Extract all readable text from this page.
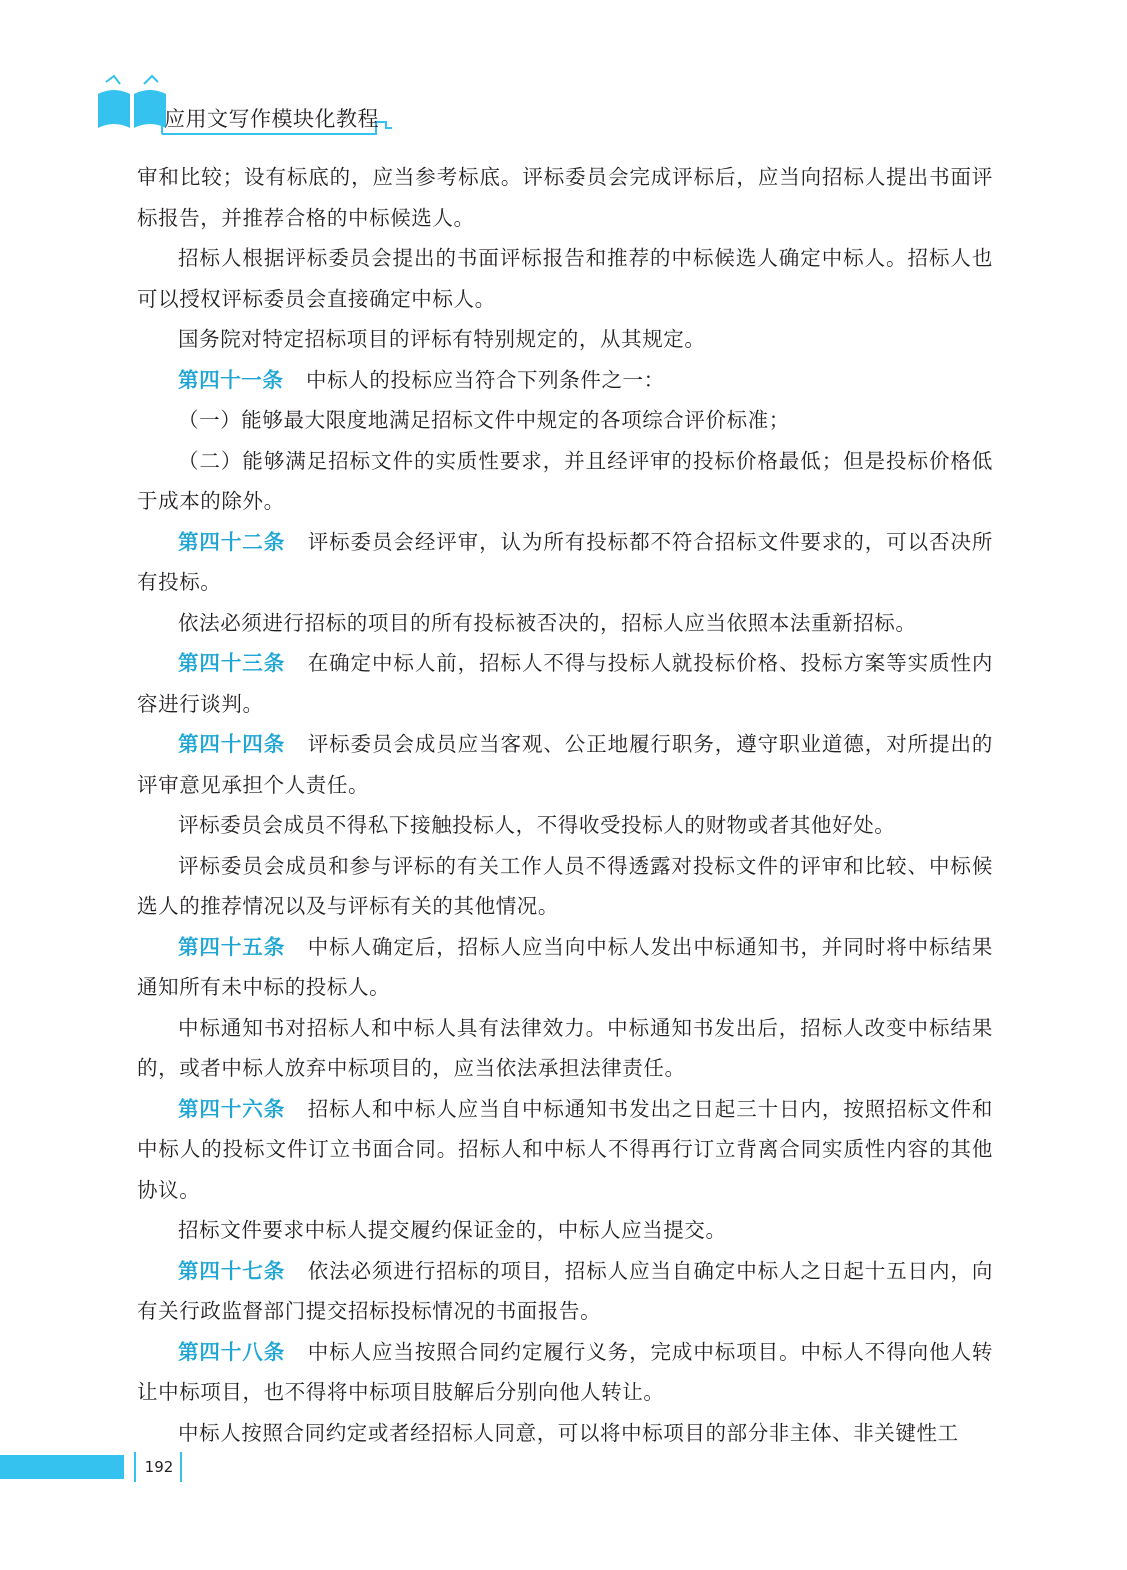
应用文写作模块化教程

审和比较；设有标底的，应当参考标底。评标委员会完成评标后，应当向招标人提出书面评标报告，并推荐合格的中标候选人。

招标人根据评标委员会提出的书面评标报告和推荐的中标候选人确定中标人。招标人也可以授权评标委员会直接确定中标人。

国务院对特定招标项目的评标有特别规定的，从其规定。

第四十一条 中标人的投标应当符合下列条件之一：

（一）能够最大限度地满足招标文件中规定的各项综合评价标准；

（二）能够满足招标文件的实质性要求，并且经评审的投标价格最低；但是投标价格低于成本的除外。

第四十二条 评标委员会经评审，认为所有投标都不符合招标文件要求的，可以否决所有投标。

依法必须进行招标的项目的所有投标被否决的，招标人应当依照本法重新招标。

第四十三条 在确定中标人前，招标人不得与投标人就投标价格、投标方案等实质性内容进行谈判。

第四十四条 评标委员会成员应当客观、公正地履行职务，遵守职业道德，对所提出的评审意见承担个人责任。

评标委员会成员不得私下接触投标人，不得收受投标人的财物或者其他好处。

评标委员会成员和参与评标的有关工作人员不得透露对投标文件的评审和比较、中标候选人的推荐情况以及与评标有关的其他情况。

第四十五条 中标人确定后，招标人应当向中标人发出中标通知书，并同时将中标结果通知所有未中标的投标人。

中标通知书对招标人和中标人具有法律效力。中标通知书发出后，招标人改变中标结果的，或者中标人放弃中标项目的，应当依法承担法律责任。

第四十六条 招标人和中标人应当自中标通知书发出之日起三十日内，按照招标文件和中标人的投标文件订立书面合同。招标人和中标人不得再行订立背离合同实质性内容的其他协议。

招标文件要求中标人提交履约保证金的，中标人应当提交。

第四十七条 依法必须进行招标的项目，招标人应当自确定中标人之日起十五日内，向有关行政监督部门提交招标投标情况的书面报告。

第四十八条 中标人应当按照合同约定履行义务，完成中标项目。中标人不得向他人转让中标项目，也不得将中标项目肢解后分别向他人转让。

中标人按照合同约定或者经招标人同意，可以将中标项目的部分非主体、非关键性工

192
